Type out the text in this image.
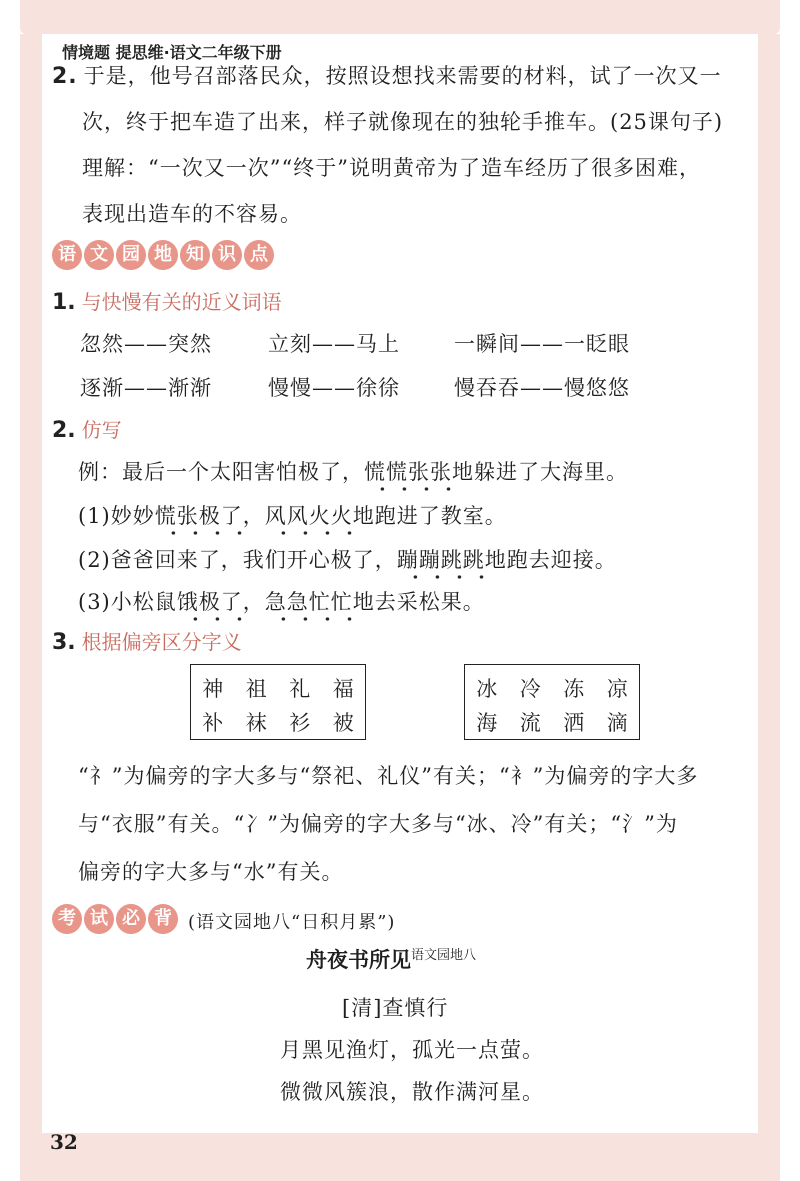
2. 于是，他号召部落民众，按照设想找来需要的材料，试了一次又一
次，终于把车造了出来，样子就像现在的独轮手推车。(25课句子)
理解：“一次又一次”“终于”说明黄帝为了造车经历了很多困难，
表现出造车的不容易。
语 文 园 地 知 识 点
1. 与快慢有关的近义词语
忽然——突然	立刻——马上	一瞬间——一眨眼
逐渐——渐渐	慢慢——徐徐	慢吞吞——慢悠悠
2. 仿写
例：最后一个太阳害怕极了，慌慌张张地躲进了大海里。
(1)妙妙慌张极了，风风火火地跑进了教室。
(2)爸爸回来了，我们开心极了，蹦蹦跳跳地跑去迎接。
(3)小松鼠饿极了，急急忙忙地去采松果。
3. 根据偏旁区分字义
神 祖 礼 福
补 袜 衫 被
冰 冷 冻 凉
海 流 洒 滴
“礻”为偏旁的字大多与“祭祀、礼仪”有关；“衤”为偏旁的字大多
与“衣服”有关。“冫”为偏旁的字大多与“冰、冷”有关；“氵”为
偏旁的字大多与“水”有关。
考 试 必 背 (语文园地八“日积月累”)
舟夜书所见$^{语文园地八}$
[清]查慎行
月黑见渔灯，孤光一点萤。
微微风簇浪，散作满河星。
情境题 提思维·语文二年级下册
32
